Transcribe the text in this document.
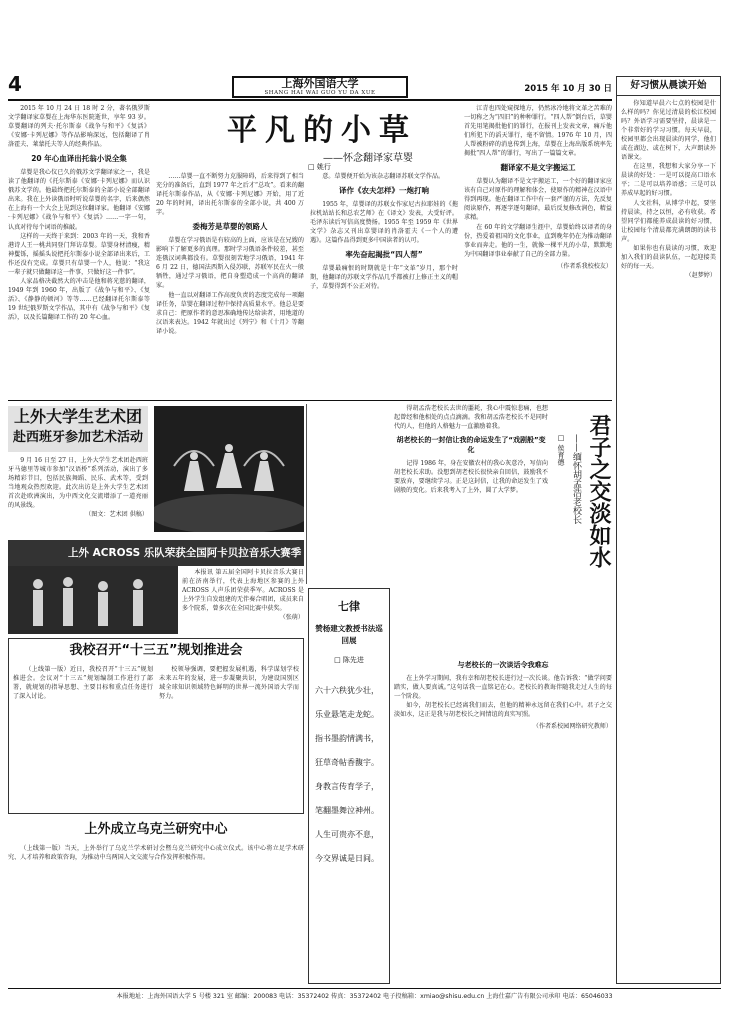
4	上海外国语大学
SHANG HAI WAI GUO YU DA XUE	2015 年 10 月 30 日
平凡的小草
——怀念翻译家草婴
□ 姚行

2015 年 10 月 24 日 18 时 2 分，著名俄罗斯文学翻译家草婴在上海华东医院逝世，享年 93 岁。草婴翻译的列夫·托尔斯泰《战争与和平》《复活》《安娜·卡列尼娜》等作品影响深远，包括翻译了肖洛霍夫、莱蒙托夫等人的经典作品。

20 年心血译出托翁小说全集

草婴是我心仪已久的俄苏文学翻译家之一，我是读了他翻译的《托尔斯泰《安娜·卡列尼娜》而认识俄苏文学的。他最终把托尔斯泰的全部小说全部翻译出来。我在上外读俄语时听说草婴的名字，后来偶然在上海有一个大会上见到这位翻译家。他翻译《安娜·卡列尼娜》《战争与和平》《复活》……一字一句，认真对待每个词语的推敲。

这样的一天终于来到：2003 年的一天，我和香港诗人王一桃共同登门拜访草婴。草婴身材清瘦，精神矍铄，摇摇头说把托尔斯泰小说全部译出来后，工作还没有完成。草婴只有草婴一个人，他说：“我这一辈子就只做翻译这一件事，只做好这一件事”。

人家品格决截然大的冲击是他和蒋光慈的翻译，1949 年到 1960 年，出版了《战争与和平》、《复活》、《静静的顿河》等等……已经翻译托尔斯泰等 19 世纪俄罗斯文学作品，其中有《战争与和平》《复活》，以及长篇翻译工作的 20 年心血。

……草婴一直不断努力克服障碍，后来得到了相当充分的准备后，直到 1977 年之后才“总攻”。看来的翻译托尔斯泰作品，从《安娜·卡列尼娜》开始，用了近 20 年的时间，译出托尔斯泰的全部小说，共 400 万字。

委梅芳是草婴的领路人

草婴在学习俄语是有较高的上面，应该是在兄嫂的影响下了解更多的真理。那时学习俄语条件较差，甚至连俄汉词典都没有。草婴很刻苦地学习俄语，1941 年 6 月 22 日，德国法西斯入侵苏联，苏联军民在火一般牺牲，通过学习俄语，把自身塑造成一个高尚的翻译家。

他一直以对翻译工作高度负责的态度完成每一项翻译任务，草婴在翻译过程中保持高质量水平。他总是要求自己：把原作者的意思准确地传达给读者，用地道的汉语来表达。1942 年就出过《列宁》和《十月》等翻译小说。

意。草婴便开始为该杂志翻译苏联文学作品。

译作《农夫怎样》一炮打响

1955 年，草婴译的苏联女作家尼古拉耶娃的《拖拉机站站长和总农艺师》在《译文》发表，大受好评。毛泽东读后写信高度赞扬。1955 年至 1959 年《世界文学》杂志又刊出草婴译的肖洛霍夫《一个人的遭遇》。这篇作品得到更多中国读者的认可。

率先奋起揭批“四人帮”

草婴最痛恨的时期就是十年“文革”岁月，那个时期，他翻译的苏联文学作品几乎都被打上修正主义的帽子，草婴得到不公正对待。

江青也四处窥探地方，仍然冰冷地将文革之苦难的一切称之为“四旧”的种种罪行。“四人帮”倒台后，草婴首先用笔揭批他们的罪行，在报刊上发表文章，痛斥他们所犯下的滔天罪行，毫不留情。1976 年 10 月，四人帮被粉碎的消息传到上海，草婴在上海出版系统率先揭批“四人帮”的罪行，写出了一篇篇文章。

翻译家不是文字搬运工

草婴认为翻译不是文字搬运工，一个好的翻译家应该有自己对原作的理解和体会，使原作的精神在汉语中得到再现。他在翻译工作中有一套严谨的方法，先反复阅读原作，再逐字逐句翻译，最后反复修改润色，精益求精。

在 60 年的文学翻译生涯中，草婴始终以译者的身份，热爱着祖国的文化事业，直到晚年仍在为推动翻译事业而奔走。他的一生，就像一棵平凡的小草，默默地为中国翻译事业奉献了自己的全部力量。

（作者系我校校友）
上外大学生艺术团
赴西班牙参加艺术活动

9 月 16 日至 27 日，上外大学生艺术团赴西班牙马德里等城市参加“汉语桥”系列活动，演出了多场精彩节目，包括民族舞蹈、民乐、武术等，受到当地观众热烈欢迎。此次出访是上外大学生艺术团首次赴欧洲演出，为中西文化交流增添了一道亮丽的风景线。

（图文：艺术团 供稿）
上外 ACROSS 乐队荣获全国阿卡贝拉音乐大赛季

本报讯 第五届全国阿卡贝拉音乐大赛日前在济南举行，代表上海地区参赛的上外 ACROSS 人声乐团荣获季军。ACROSS 是上外学生自发组建的无伴奏合唱团，成员来自多个院系，曾多次在全国比赛中获奖。

（张萌）
我校召开“十三五”规划推进会

（上线第一版）近日，我校召开“十三五”规划推进会。会议对“十三五”规划编制工作进行了部署，就规划的指导思想、主要目标和重点任务进行了深入讨论。

校领导强调，要把握发展机遇，科学谋划学校未来五年的发展，进一步凝聚共识，为建设国别区域全球知识领域特色鲜明的世界一流外国语大学而努力。

上外成立乌克兰研究中心

（上线第一版）当天，上外举行了乌克兰学术研讨会暨乌克兰研究中心成立仪式。该中心将立足学术研究、人才培养和政策咨询，为推动中乌两国人文交流与合作发挥积极作用。

七律
赞杨建文教授书法巡回展
□ 陈先进
六十六秩犹少壮，
乐业悬笔走龙蛇。
指书墨韵情满书，
狂草奇帖香馥宇。
身教言传育学子，
笔翻墨舞泣神州。
人生可贵亦不息，
今交界诚是日间。
君子之交淡如水
——缅怀胡孟浩老校长
□ 侯育德

得胡孟浩老校长去世的噩耗，我心中震惊悲痛，也想起曾经和他相处的点点滴滴。我和胡孟浩老校长不是同时代的人，但他的人格魅力一直激励着我。

胡老校长的一封信让我的命运发生了“戏剧般”变化

记得 1986 年，身在安徽农村的我心灰意冷，写信向胡老校长求助。没想到胡老校长很快亲自回信，鼓励我不要放弃，要继续学习。正是这封信，让我的命运发生了戏剧般的变化。后来我考入了上外，圆了大学梦。

与老校长的一次谈话令我难忘

在上外学习期间，我有幸和胡老校长进行过一次长谈。他告诉我：“做学问要踏实，做人要真诚。”这句话我一直铭记在心。老校长的教诲伴随我走过人生的每一个阶段。

如今，胡老校长已经离我们而去，但他的精神永远留在我们心中。君子之交淡如水，这正是我与胡老校长之间情谊的真实写照。

（作者系校园网络研究教师）
好习惯从晨读开始

你知道早晨六七点的校园是什么样的吗？你见过清晨的松江校园吗？外语学习需要坚持，晨读是一个非常好的学习习惯。每天早晨，校园里都会出现晨读的同学，他们或在湖边、或在树下，大声朗读外语课文。

在这里，我想和大家分享一下晨读的好处：一是可以提高口语水平；二是可以培养语感；三是可以养成早起的好习惯。

人文社科，从博学中起，要坚持晨读，持之以恒，必有收获。希望同学们都能养成晨读的好习惯，让校园每个清晨都充满朗朗的读书声。

如果你也有晨读的习惯，欢迎加入我们的晨读队伍，一起迎接美好的每一天。

（赵梦婷）
本报地址：上海外国语大学 5 号楼 321 室 邮编：200083 电话：35372402 传真：35372402 电子投稿箱：xmiao@shisu.edu.cn 上海仕嘉广告有限公司承印 电话：65046033
